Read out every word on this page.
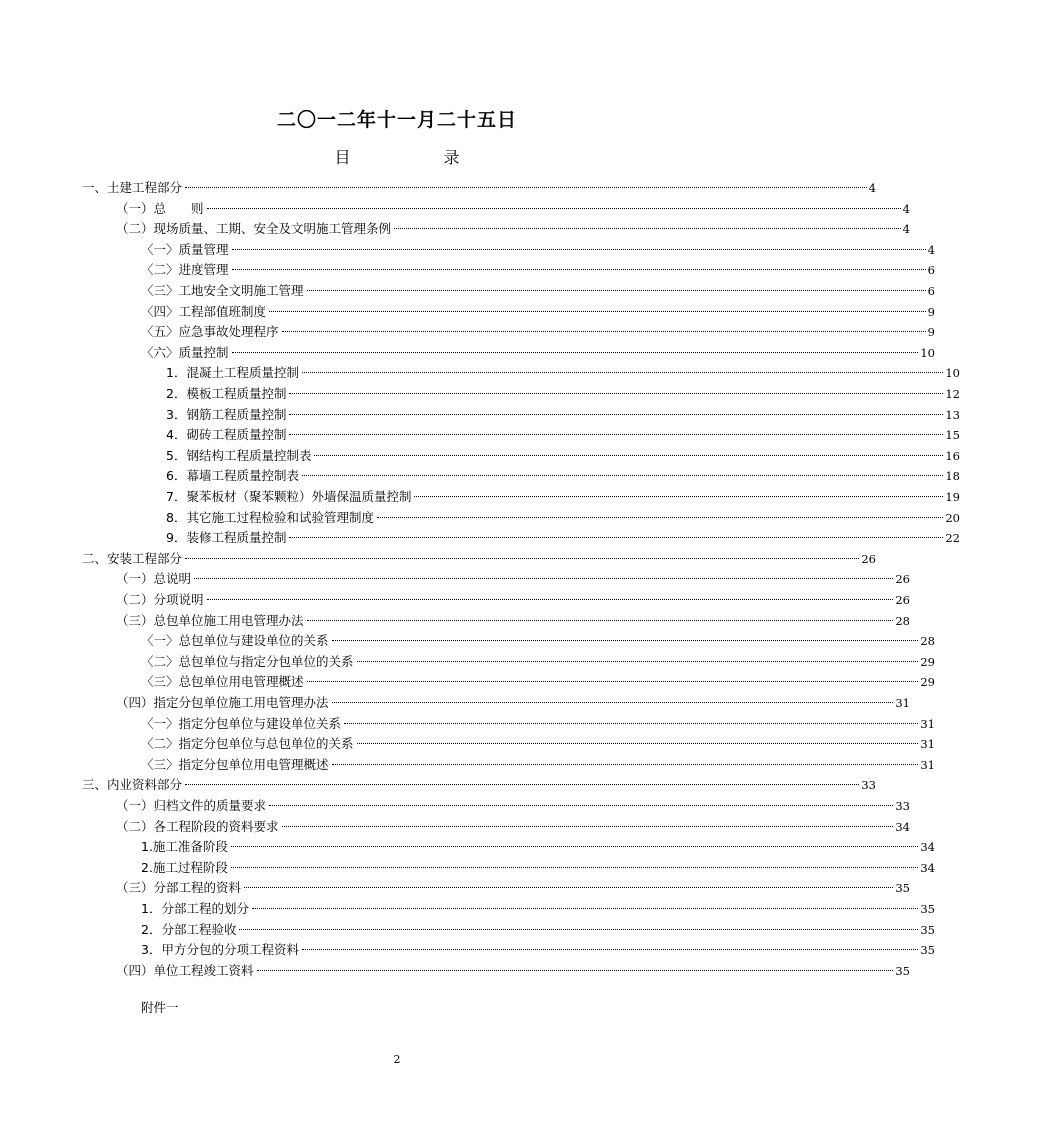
二〇一二年十一月二十五日
目	录
一、土建工程部分	4
（一）总　　则	4
（二）现场质量、工期、安全及文明施工管理条例	4
〈一〉质量管理	4
〈二〉进度管理	6
〈三〉工地安全文明施工管理	6
〈四〉工程部值班制度	9
〈五〉应急事故处理程序	9
〈六〉质量控制	10
1．混凝土工程质量控制	10
2．模板工程质量控制	12
3．钢筋工程质量控制	13
4．砌砖工程质量控制	15
5．钢结构工程质量控制表	16
6．幕墙工程质量控制表	18
7．聚苯板材（聚苯颗粒）外墙保温质量控制	19
8．其它施工过程检验和试验管理制度	20
9．装修工程质量控制	22
二、安装工程部分	26
（一）总说明	26
（二）分项说明	26
（三）总包单位施工用电管理办法	28
〈一〉总包单位与建设单位的关系	28
〈二〉总包单位与指定分包单位的关系	29
〈三〉总包单位用电管理概述	29
（四）指定分包单位施工用电管理办法	31
〈一〉指定分包单位与建设单位关系	31
〈二〉指定分包单位与总包单位的关系	31
〈三〉指定分包单位用电管理概述	31
三、内业资料部分	33
（一）归档文件的质量要求	33
（二）各工程阶段的资料要求	34
1.施工准备阶段	34
2.施工过程阶段	34
（三）分部工程的资料	35
1．分部工程的划分	35
2．分部工程验收	35
3．甲方分包的分项工程资料	35
（四）单位工程竣工资料	35
附件一
2
